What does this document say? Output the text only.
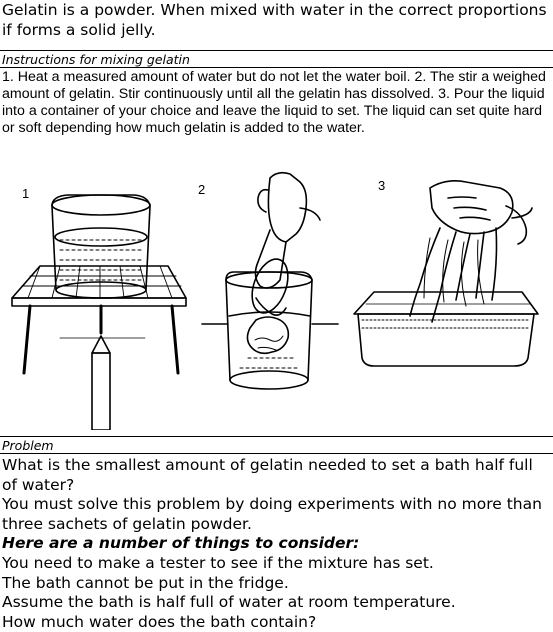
Gelatin is a powder. When mixed with water in the correct proportions if forms a solid jelly.
Instructions for mixing gelatin
1. Heat a measured amount of water but do not let the water boil. 2. The stir a weighed amount of gelatin. Stir continuously until all the gelatin has dissolved. 3. Pour the liquid into a container of your choice and leave the liquid to set. The liquid can set quite hard or soft depending how much gelatin is added to the water.
1	2	3
Problem

What is the smallest amount of gelatin needed to set a bath half full of water?

You must solve this problem by doing experiments with no more than three sachets of gelatin powder.

Here are a number of things to consider:

You need to make a tester to see if the mixture has set.

The bath cannot be put in the fridge.

Assume the bath is half full of water at room temperature.

How much water does the bath contain?
